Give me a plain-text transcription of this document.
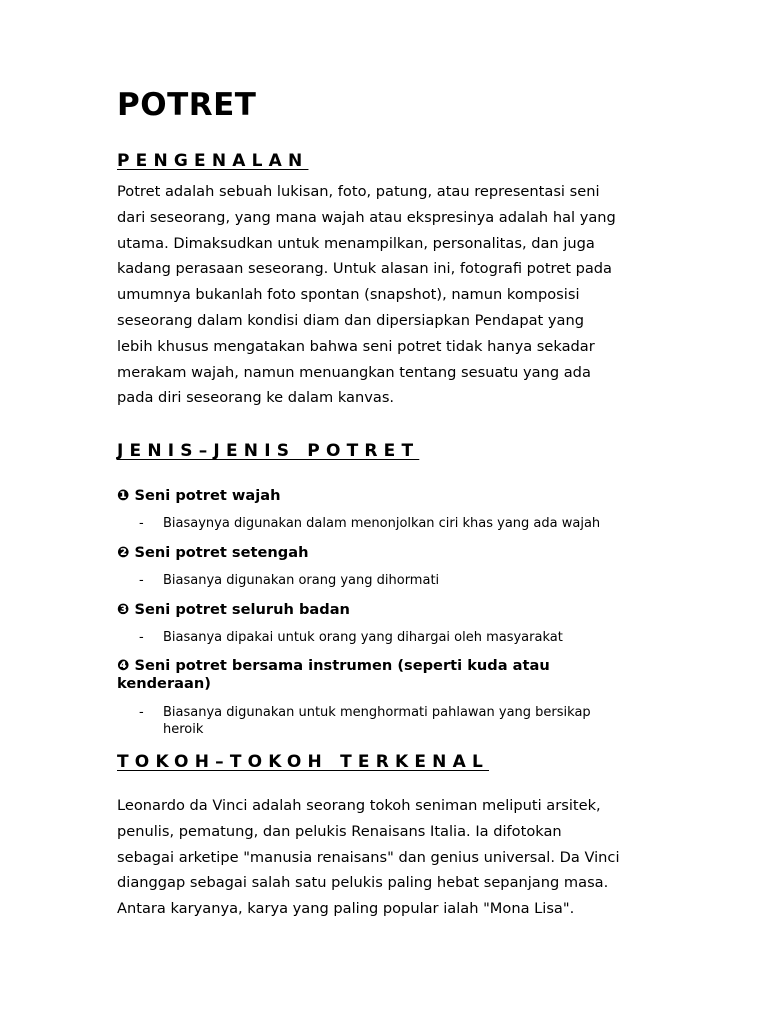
POTRET
PENGENALAN

Potret adalah sebuah lukisan, foto, patung, atau representasi seni
dari seseorang, yang mana wajah atau ekspresinya adalah hal yang
utama. Dimaksudkan untuk menampilkan, personalitas, dan juga
kadang perasaan seseorang. Untuk alasan ini, fotografi potret pada
umumnya bukanlah foto spontan (snapshot), namun komposisi
seseorang dalam kondisi diam dan dipersiapkan Pendapat yang
lebih khusus mengatakan bahwa seni potret tidak hanya sekadar
merakam wajah, namun menuangkan tentang sesuatu yang ada
pada diri seseorang ke dalam kanvas.

JENIS–JENIS POTRET
❶ Seni potret wajah
- Biasaynya digunakan dalam menonjolkan ciri khas yang ada wajah
❷ Seni potret setengah
- Biasanya digunakan orang yang dihormati
❸ Seni potret seluruh badan
- Biasanya dipakai untuk orang yang dihargai oleh masyarakat
❹ Seni potret bersama instrumen (seperti kuda atau
kenderaan)
- Biasanya digunakan untuk menghormati pahlawan yang bersikap
heroik
TOKOH–TOKOH TERKENAL

Leonardo da Vinci adalah seorang tokoh seniman meliputi arsitek,
penulis, pematung, dan pelukis Renaisans Italia. Ia difotokan
sebagai arketipe "manusia renaisans" dan genius universal. Da Vinci
dianggap sebagai salah satu pelukis paling hebat sepanjang masa.
Antara karyanya, karya yang paling popular ialah "Mona Lisa".
